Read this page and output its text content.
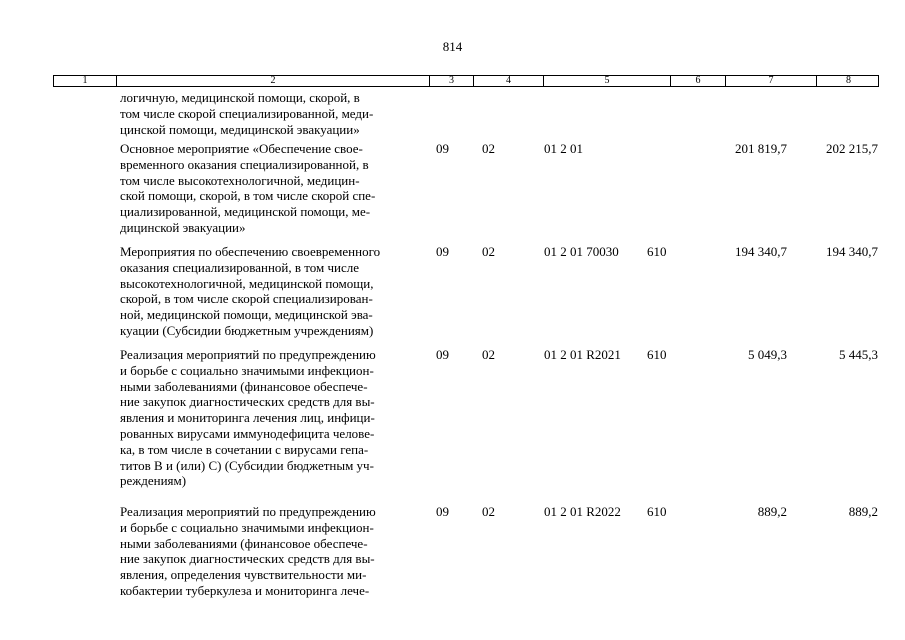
814
1	2	3	4	5	6	7	8
логичную, медицинской помощи, скорой, в
том числе скорой специализированной, меди-
цинской помощи, медицинской эвакуации»
Основное мероприятие «Обеспечение свое-
временного оказания специализированной, в
том числе высокотехнологичной, медицин-
ской помощи, скорой, в том числе скорой спе-
циализированной, медицинской помощи, ме-
дицинской эвакуации»
09	02	01 2 01	201 819,7	202 215,7
Мероприятия по обеспечению своевременного
оказания специализированной, в том числе
высокотехнологичной, медицинской помощи,
скорой, в том числе скорой специализирован-
ной, медицинской помощи, медицинской эва-
куации (Субсидии бюджетным учреждениям)
09	02	01 2 01 70030 610	194 340,7	194 340,7
Реализация мероприятий по предупреждению
и борьбе с социально значимыми инфекцион-
ными заболеваниями (финансовое обеспече-
ние закупок диагностических средств для вы-
явления и мониторинга лечения лиц, инфици-
рованных вирусами иммунодефицита челове-
ка, в том числе в сочетании с вирусами гепа-
титов B и (или) C) (Субсидии бюджетным уч-
реждениям)
09	02	01 2 01 R2021 610	5 049,3	5 445,3
Реализация мероприятий по предупреждению
и борьбе с социально значимыми инфекцион-
ными заболеваниями (финансовое обеспече-
ние закупок диагностических средств для вы-
явления, определения чувствительности ми-
кобактерии туберкулеза и мониторинга лече-
09	02	01 2 01 R2022 610	889,2	889,2
